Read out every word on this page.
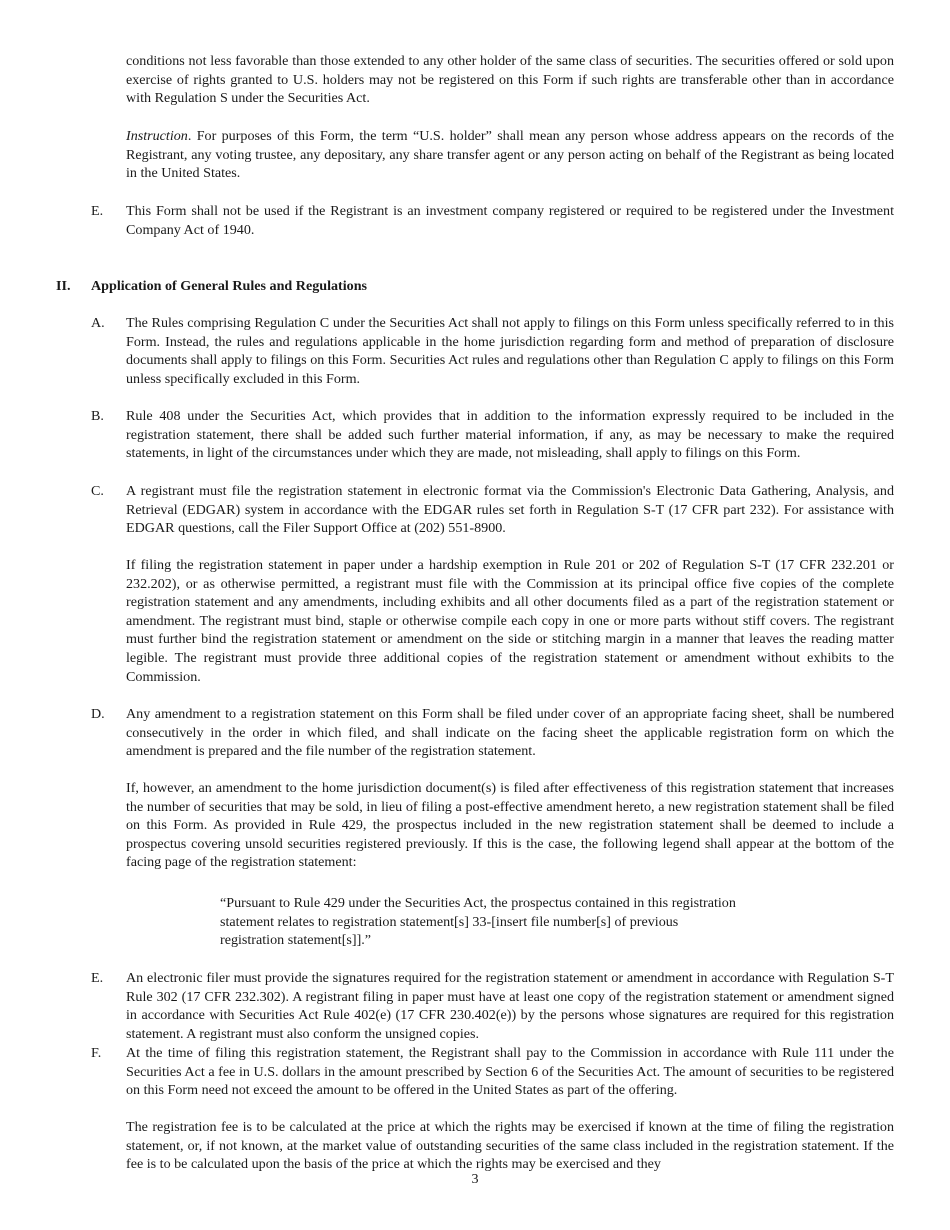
conditions not less favorable than those extended to any other holder of the same class of securities. The securities offered or sold upon exercise of rights granted to U.S. holders may not be registered on this Form if such rights are transferable other than in accordance with Regulation S under the Securities Act.

Instruction. For purposes of this Form, the term “U.S. holder” shall mean any person whose address appears on the records of the Registrant, any voting trustee, any depositary, any share transfer agent or any person acting on behalf of the Registrant as being located in the United States.

E. This Form shall not be used if the Registrant is an investment company registered or required to be registered under the Investment Company Act of 1940.

II. Application of General Rules and Regulations

A. The Rules comprising Regulation C under the Securities Act shall not apply to filings on this Form unless specifically referred to in this Form. Instead, the rules and regulations applicable in the home jurisdiction regarding form and method of preparation of disclosure documents shall apply to filings on this Form. Securities Act rules and regulations other than Regulation C apply to filings on this Form unless specifically excluded in this Form.

B. Rule 408 under the Securities Act, which provides that in addition to the information expressly required to be included in the registration statement, there shall be added such further material information, if any, as may be necessary to make the required statements, in light of the circumstances under which they are made, not misleading, shall apply to filings on this Form.

C. A registrant must file the registration statement in electronic format via the Commission's Electronic Data Gathering, Analysis, and Retrieval (EDGAR) system in accordance with the EDGAR rules set forth in Regulation S-T (17 CFR part 232). For assistance with EDGAR questions, call the Filer Support Office at (202) 551-8900.

If filing the registration statement in paper under a hardship exemption in Rule 201 or 202 of Regulation S-T (17 CFR 232.201 or 232.202), or as otherwise permitted, a registrant must file with the Commission at its principal office five copies of the complete registration statement and any amendments, including exhibits and all other documents filed as a part of the registration statement or amendment. The registrant must bind, staple or otherwise compile each copy in one or more parts without stiff covers. The registrant must further bind the registration statement or amendment on the side or stitching margin in a manner that leaves the reading matter legible. The registrant must provide three additional copies of the registration statement or amendment without exhibits to the Commission.

D. Any amendment to a registration statement on this Form shall be filed under cover of an appropriate facing sheet, shall be numbered consecutively in the order in which filed, and shall indicate on the facing sheet the applicable registration form on which the amendment is prepared and the file number of the registration statement.

If, however, an amendment to the home jurisdiction document(s) is filed after effectiveness of this registration statement that increases the number of securities that may be sold, in lieu of filing a post-effective amendment hereto, a new registration statement shall be filed on this Form. As provided in Rule 429, the prospectus included in the new registration statement shall be deemed to include a prospectus covering unsold securities registered previously. If this is the case, the following legend shall appear at the bottom of the facing page of the registration statement:

“Pursuant to Rule 429 under the Securities Act, the prospectus contained in this registration statement relates to registration statement[s] 33-[insert file number[s] of previous registration statement[s]].”

E. An electronic filer must provide the signatures required for the registration statement or amendment in accordance with Regulation S-T Rule 302 (17 CFR 232.302). A registrant filing in paper must have at least one copy of the registration statement or amendment signed in accordance with Securities Act Rule 402(e) (17 CFR 230.402(e)) by the persons whose signatures are required for this registration statement. A registrant must also conform the unsigned copies.

F. At the time of filing this registration statement, the Registrant shall pay to the Commission in accordance with Rule 111 under the Securities Act a fee in U.S. dollars in the amount prescribed by Section 6 of the Securities Act. The amount of securities to be registered on this Form need not exceed the amount to be offered in the United States as part of the offering.

The registration fee is to be calculated at the price at which the rights may be exercised if known at the time of filing the registration statement, or, if not known, at the market value of outstanding securities of the same class included in the registration statement. If the fee is to be calculated upon the basis of the price at which the rights may be exercised and they

3
